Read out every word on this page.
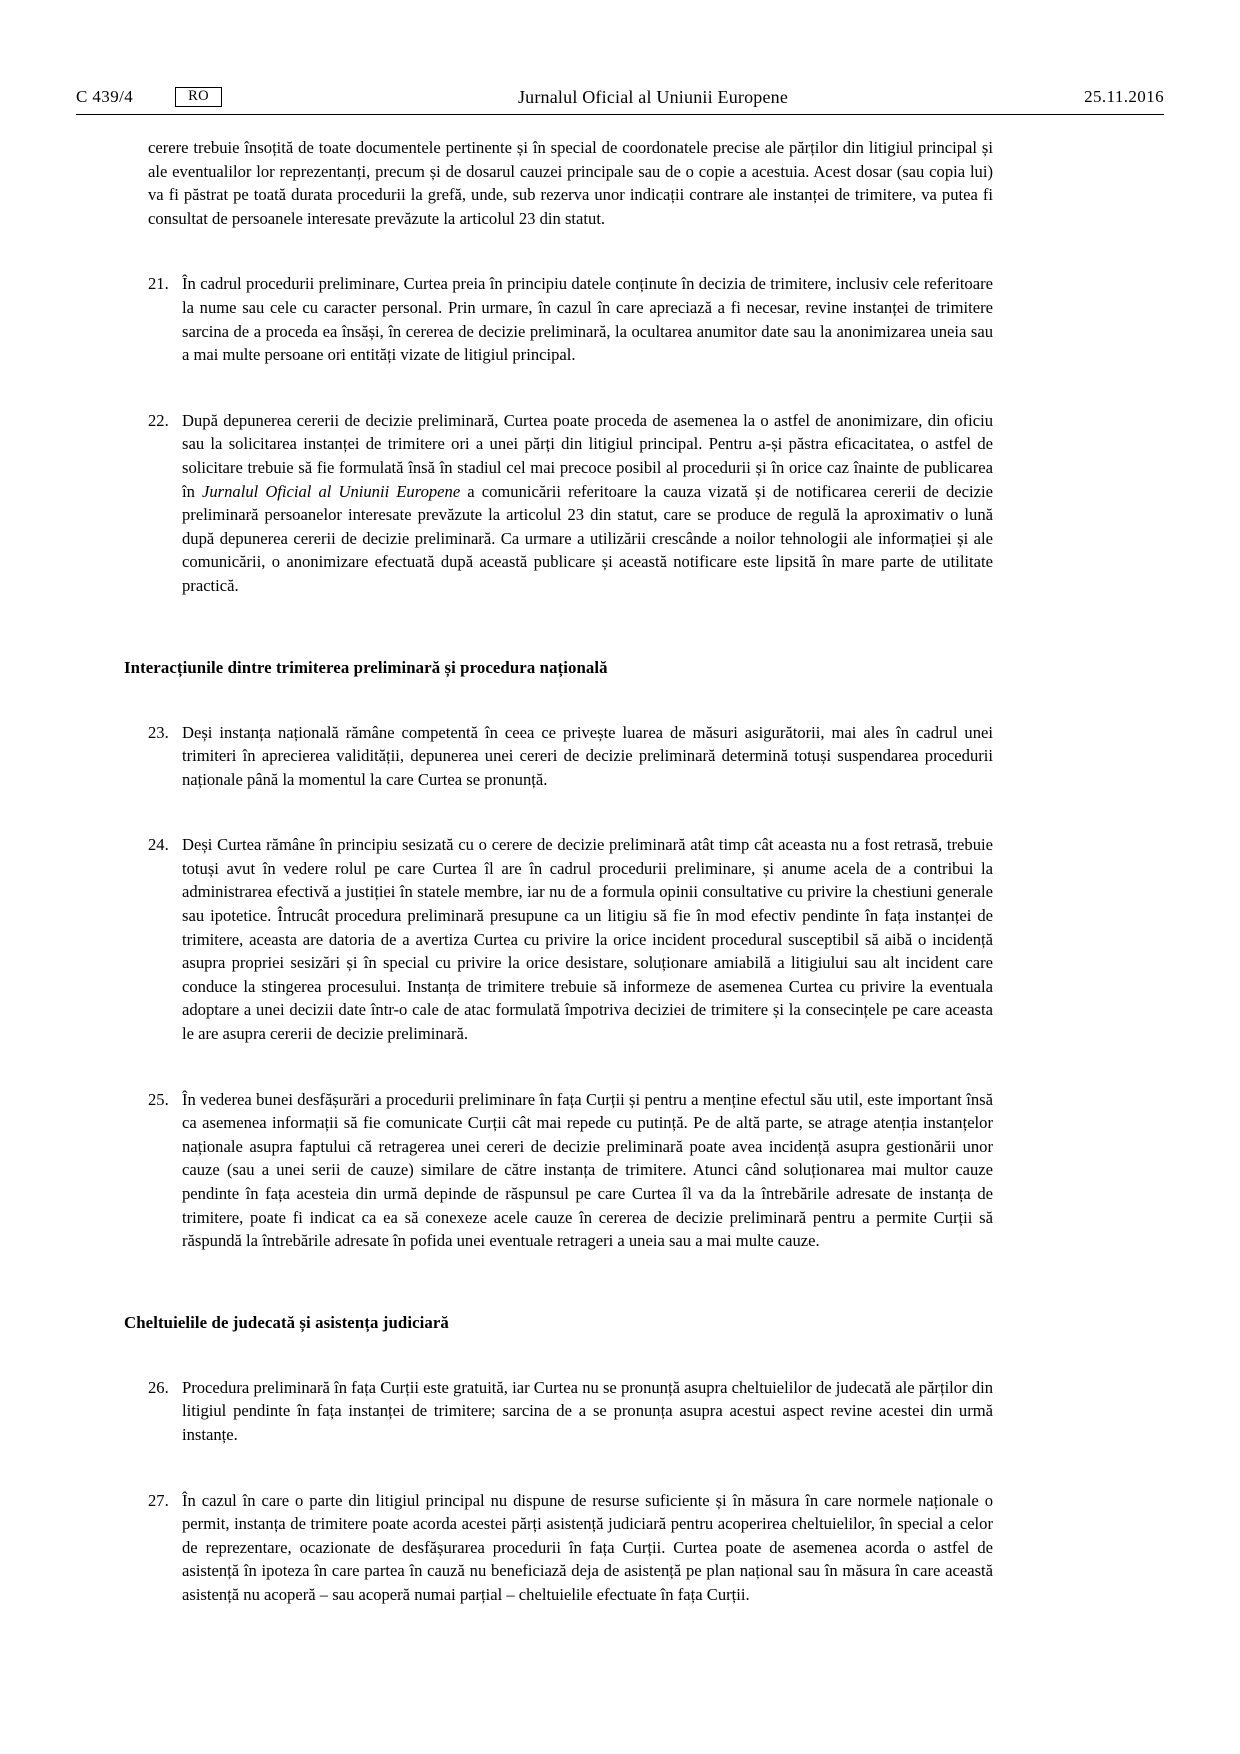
C 439/4	RO	Jurnalul Oficial al Uniunii Europene	25.11.2016

cerere trebuie însoțită de toate documentele pertinente și în special de coordonatele precise ale părților din litigiul principal și ale eventualilor lor reprezentanți, precum și de dosarul cauzei principale sau de o copie a acestuia. Acest dosar (sau copia lui) va fi păstrat pe toată durata procedurii la grefă, unde, sub rezerva unor indicații contrare ale instanței de trimitere, va putea fi consultat de persoanele interesate prevăzute la articolul 23 din statut.

21. În cadrul procedurii preliminare, Curtea preia în principiu datele conținute în decizia de trimitere, inclusiv cele referitoare la nume sau cele cu caracter personal. Prin urmare, în cazul în care apreciază a fi necesar, revine instanței de trimitere sarcina de a proceda ea însăși, în cererea de decizie preliminară, la ocultarea anumitor date sau la anonimizarea uneia sau a mai multe persoane ori entități vizate de litigiul principal.

22. După depunerea cererii de decizie preliminară, Curtea poate proceda de asemenea la o astfel de anonimizare, din oficiu sau la solicitarea instanței de trimitere ori a unei părți din litigiul principal. Pentru a-și păstra eficacitatea, o astfel de solicitare trebuie să fie formulată însă în stadiul cel mai precoce posibil al procedurii și în orice caz înainte de publicarea în Jurnalul Oficial al Uniunii Europene a comunicării referitoare la cauza vizată și de notificarea cererii de decizie preliminară persoanelor interesate prevăzute la articolul 23 din statut, care se produce de regulă la aproximativ o lună după depunerea cererii de decizie preliminară. Ca urmare a utilizării crescânde a noilor tehnologii ale informației și ale comunicării, o anonimizare efectuată după această publicare și această notificare este lipsită în mare parte de utilitate practică.

Interacțiunile dintre trimiterea preliminară și procedura națională

23. Deși instanța națională rămâne competentă în ceea ce privește luarea de măsuri asigurătorii, mai ales în cadrul unei trimiteri în aprecierea validității, depunerea unei cereri de decizie preliminară determină totuși suspendarea procedurii naționale până la momentul la care Curtea se pronunță.

24. Deși Curtea rămâne în principiu sesizată cu o cerere de decizie preliminară atât timp cât aceasta nu a fost retrasă, trebuie totuși avut în vedere rolul pe care Curtea îl are în cadrul procedurii preliminare, și anume acela de a contribui la administrarea efectivă a justiției în statele membre, iar nu de a formula opinii consultative cu privire la chestiuni generale sau ipotetice. Întrucât procedura preliminară presupune ca un litigiu să fie în mod efectiv pendinte în fața instanței de trimitere, aceasta are datoria de a avertiza Curtea cu privire la orice incident procedural susceptibil să aibă o incidență asupra propriei sesizări și în special cu privire la orice desistare, soluționare amiabilă a litigiului sau alt incident care conduce la stingerea procesului. Instanța de trimitere trebuie să informeze de asemenea Curtea cu privire la eventuala adoptare a unei decizii date într-o cale de atac formulată împotriva deciziei de trimitere și la consecințele pe care aceasta le are asupra cererii de decizie preliminară.

25. În vederea bunei desfășurări a procedurii preliminare în fața Curții și pentru a menține efectul său util, este important însă ca asemenea informații să fie comunicate Curții cât mai repede cu putință. Pe de altă parte, se atrage atenția instanțelor naționale asupra faptului că retragerea unei cereri de decizie preliminară poate avea incidență asupra gestionării unor cauze (sau a unei serii de cauze) similare de către instanța de trimitere. Atunci când soluționarea mai multor cauze pendinte în fața acesteia din urmă depinde de răspunsul pe care Curtea îl va da la întrebările adresate de instanța de trimitere, poate fi indicat ca ea să conexeze acele cauze în cererea de decizie preliminară pentru a permite Curții să răspundă la întrebările adresate în pofida unei eventuale retrageri a uneia sau a mai multe cauze.

Cheltuielile de judecată și asistența judiciară

26. Procedura preliminară în fața Curții este gratuită, iar Curtea nu se pronunță asupra cheltuielilor de judecată ale părților din litigiul pendinte în fața instanței de trimitere; sarcina de a se pronunța asupra acestui aspect revine acestei din urmă instanțe.

27. În cazul în care o parte din litigiul principal nu dispune de resurse suficiente și în măsura în care normele naționale o permit, instanța de trimitere poate acorda acestei părți asistență judiciară pentru acoperirea cheltuielilor, în special a celor de reprezentare, ocazionate de desfășurarea procedurii în fața Curții. Curtea poate de asemenea acorda o astfel de asistență în ipoteza în care partea în cauză nu beneficiază deja de asistență pe plan național sau în măsura în care această asistență nu acoperă – sau acoperă numai parțial – cheltuielile efectuate în fața Curții.
